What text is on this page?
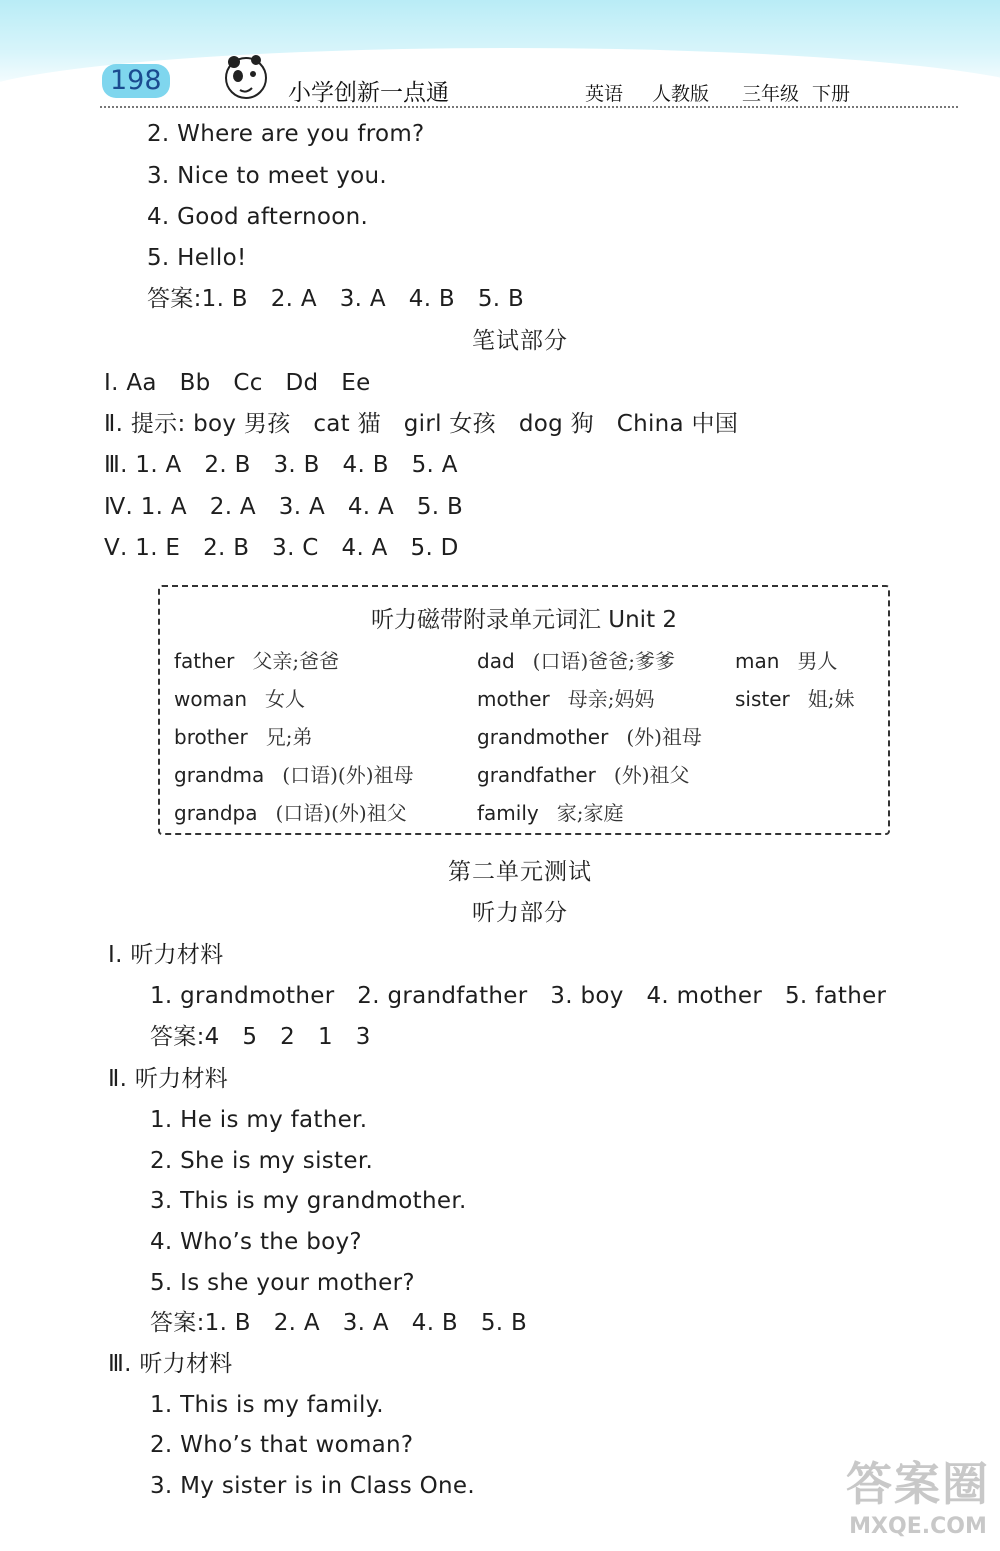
198	小学创新一点通	英语 人教版 三年级 下册
2. Where are you from?
3. Nice to meet you.
4. Good afternoon.
5. Hello!
答案:1. B   2. A   3. A   4. B   5. B
笔试部分
Ⅰ. Aa   Bb   Cc   Dd   Ee
Ⅱ. 提示: boy 男孩   cat 猫   girl 女孩   dog 狗   China 中国
Ⅲ. 1. A   2. B   3. B   4. B   5. A
Ⅳ. 1. A   2. A   3. A   4. A   5. B
Ⅴ. 1. E   2. B   3. C   4. A   5. D
听力磁带附录单元词汇 Unit 2
father 父亲;爸爸	dad (口语)爸爸;爹爹	man 男人
woman 女人	mother 母亲;妈妈	sister 姐;妹
brother 兄;弟	grandmother (外)祖母
grandma (口语)(外)祖母	grandfather (外)祖父
grandpa (口语)(外)祖父	family 家;家庭
第二单元测试
听力部分
Ⅰ. 听力材料
1. grandmother   2. grandfather   3. boy   4. mother   5. father
答案:4   5   2   1   3
Ⅱ. 听力材料
1. He is my father.
2. She is my sister.
3. This is my grandmother.
4. Who’s the boy?
5. Is she your mother?
答案:1. B   2. A   3. A   4. B   5. B
Ⅲ. 听力材料
1. This is my family.
2. Who’s that woman?
3. My sister is in Class One.	答案圈
MXQE.COM
